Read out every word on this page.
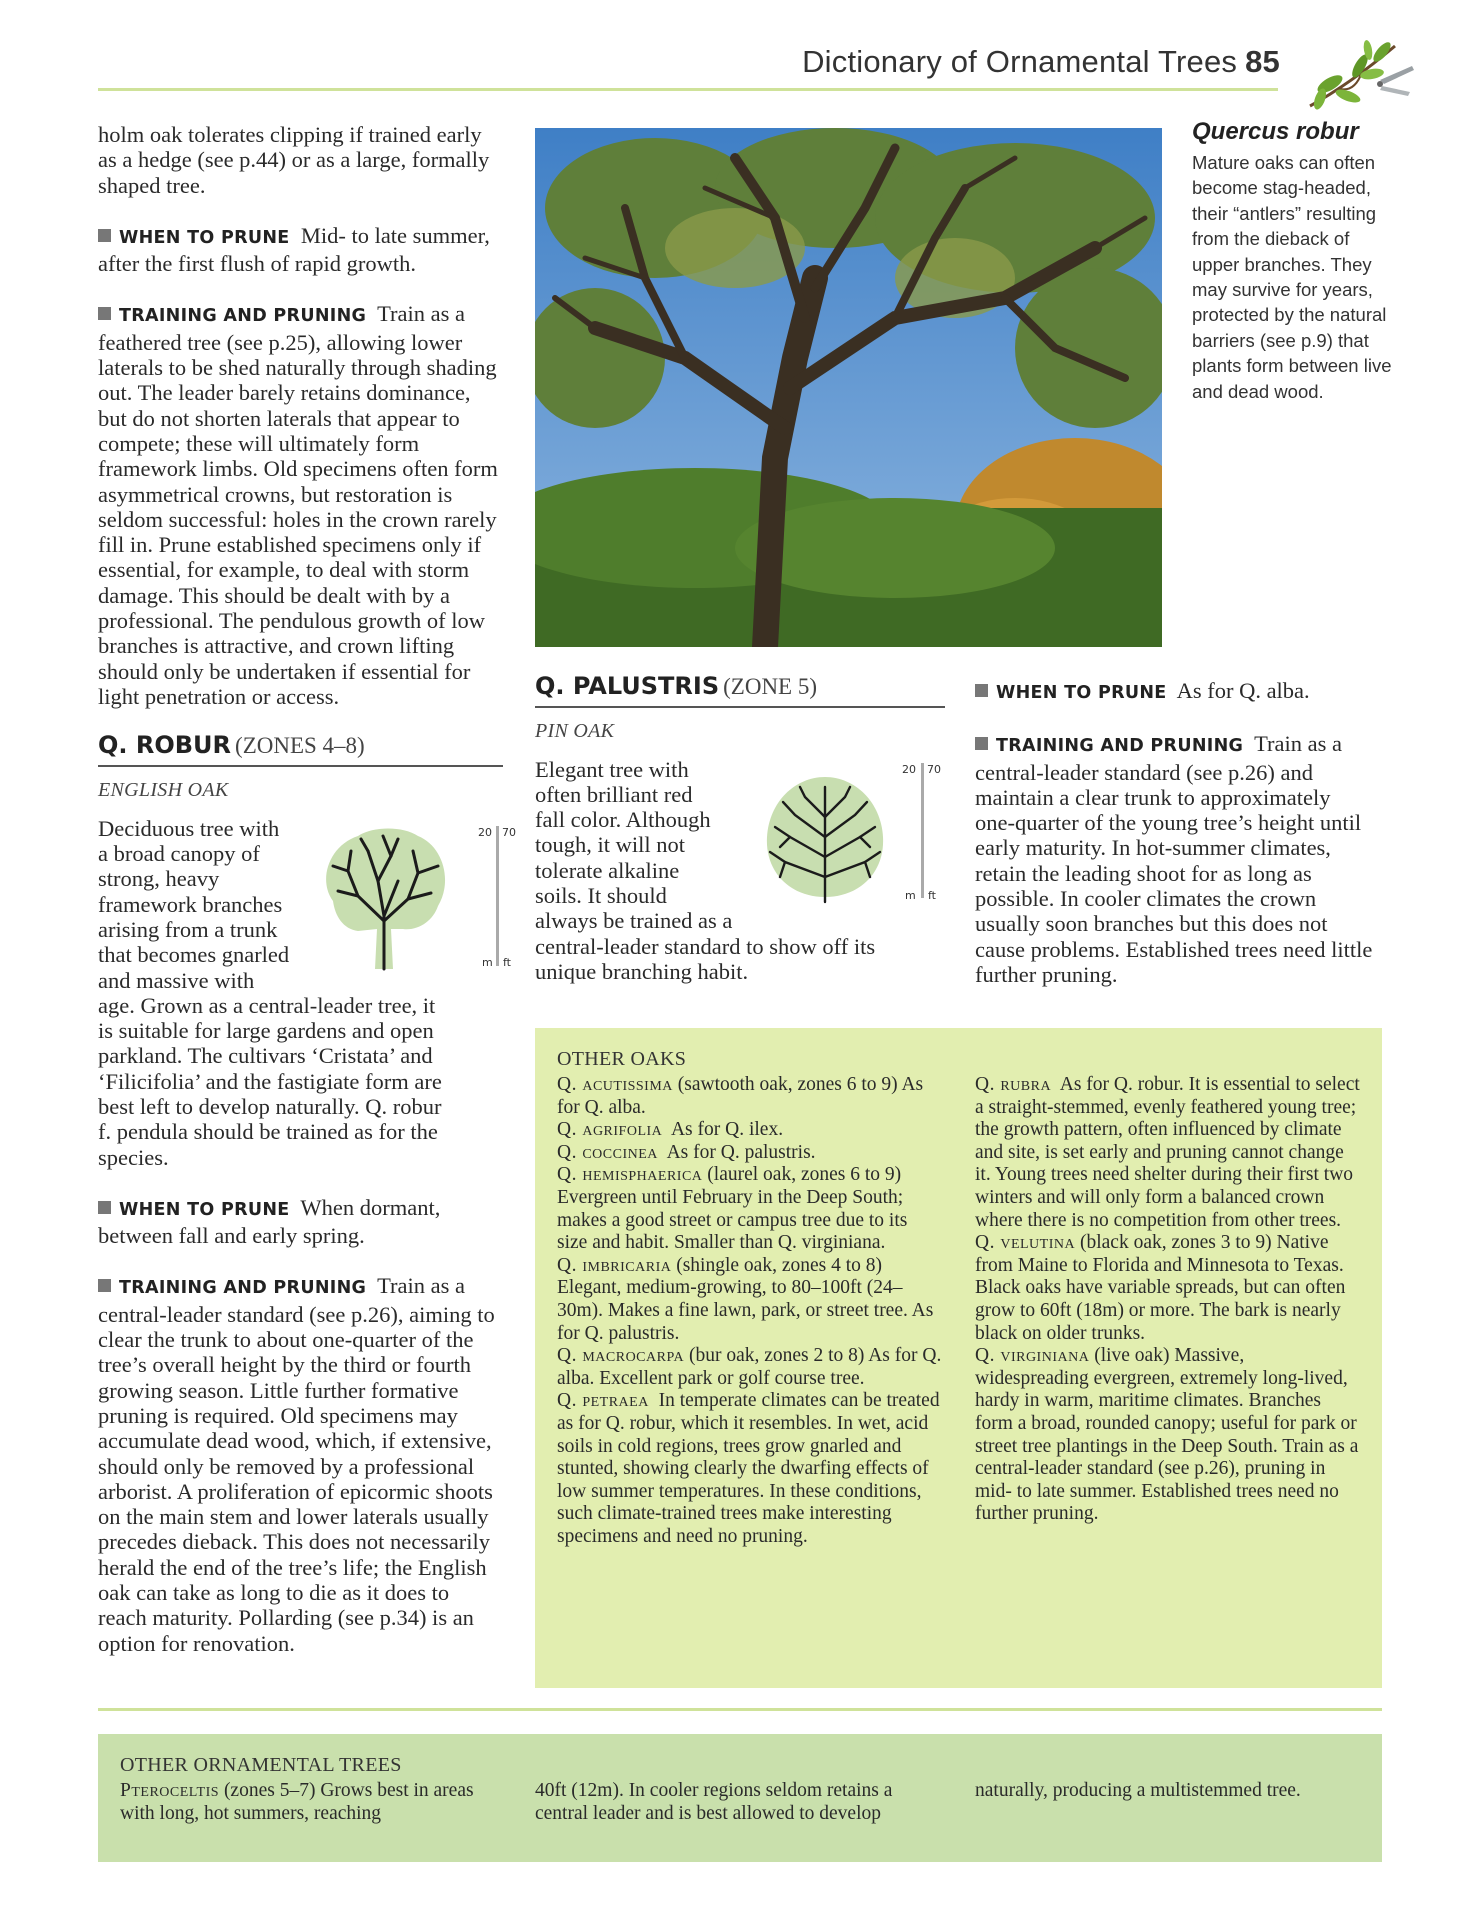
Dictionary of Ornamental Trees 85

holm oak tolerates clipping if trained early as a hedge (see p.44) or as a large, formally shaped tree.

WHEN TO PRUNE Mid- to late summer, after the first flush of rapid growth.

TRAINING AND PRUNING Train as a feathered tree (see p.25), allowing lower laterals to be shed naturally through shading out. The leader barely retains dominance, but do not shorten laterals that appear to compete; these will ultimately form framework limbs. Old specimens often form asymmetrical crowns, but restoration is seldom successful: holes in the crown rarely fill in. Prune established specimens only if essential, for example, to deal with storm damage. This should be dealt with by a professional. The pendulous growth of low branches is attractive, and crown lifting should only be undertaken if essential for light penetration or access.

Q. ROBUR (ZONES 4–8)
ENGLISH OAK
Deciduous tree with
a broad canopy of
strong, heavy
framework branches
arising from a trunk
that becomes gnarled
and massive with
20 70
m ft

age. Grown as a central-leader tree, it is suitable for large gardens and open parkland. The cultivars ‘Cristata’ and ‘Filicifolia’ and the fastigiate form are best left to develop naturally. Q. robur f. pendula should be trained as for the species.

WHEN TO PRUNE When dormant, between fall and early spring.

TRAINING AND PRUNING Train as a central-leader standard (see p.26), aiming to clear the trunk to about one-quarter of the tree’s overall height by the third or fourth growing season. Little further formative pruning is required. Old specimens may accumulate dead wood, which, if extensive, should only be removed by a professional arborist. A proliferation of epicormic shoots on the main stem and lower laterals usually precedes dieback. This does not necessarily herald the end of the tree’s life; the English oak can take as long to die as it does to reach maturity. Pollarding (see p.34) is an option for renovation.

Quercus robur
Mature oaks can often become stag-headed, their “antlers” resulting from the dieback of upper branches. They may survive for years, protected by the natural barriers (see p.9) that plants form between live and dead wood.
Q. PALUSTRIS (ZONE 5)
PIN OAK
Elegant tree with
often brilliant red
fall color. Although
tough, it will not
tolerate alkaline
soils. It should
always be trained as a
20 70
m ft

central-leader standard to show off its unique branching habit.

WHEN TO PRUNE As for Q. alba.

TRAINING AND PRUNING Train as a central-leader standard (see p.26) and maintain a clear trunk to approximately one-quarter of the young tree’s height until early maturity. In hot-summer climates, retain the leading shoot for as long as possible. In cooler climates the crown usually soon branches but this does not cause problems. Established trees need little further pruning.

OTHER OAKS

Q. acutissima (sawtooth oak, zones 6 to 9) As for Q. alba.

Q. agrifolia As for Q. ilex.

Q. coccinea As for Q. palustris.

Q. hemisphaerica (laurel oak, zones 6 to 9) Evergreen until February in the Deep South; makes a good street or campus tree due to its size and habit. Smaller than Q. virginiana.

Q. imbricaria (shingle oak, zones 4 to 8) Elegant, medium-growing, to 80–100ft (24–30m). Makes a fine lawn, park, or street tree. As for Q. palustris.

Q. macrocarpa (bur oak, zones 2 to 8) As for Q. alba. Excellent park or golf course tree.

Q. petraea In temperate climates can be treated as for Q. robur, which it resembles. In wet, acid soils in cold regions, trees grow gnarled and stunted, showing clearly the dwarfing effects of low summer temperatures. In these conditions, such climate-trained trees make interesting specimens and need no pruning.

Q. rubra As for Q. robur. It is essential to select a straight-stemmed, evenly feathered young tree; the growth pattern, often influenced by climate and site, is set early and pruning cannot change it. Young trees need shelter during their first two winters and will only form a balanced crown where there is no competition from other trees.

Q. velutina (black oak, zones 3 to 9) Native from Maine to Florida and Minnesota to Texas. Black oaks have variable spreads, but can often grow to 60ft (18m) or more. The bark is nearly black on older trunks.

Q. virginiana (live oak) Massive, widespreading evergreen, extremely long-lived, hardy in warm, maritime climates. Branches form a broad, rounded canopy; useful for park or street tree plantings in the Deep South. Train as a central-leader standard (see p.26), pruning in mid- to late summer. Established trees need no further pruning.

OTHER ORNAMENTAL TREES

Pteroceltis (zones 5–7) Grows best in areas with long, hot summers, reaching

40ft (12m). In cooler regions seldom retains a central leader and is best allowed to develop

naturally, producing a multistemmed tree.
